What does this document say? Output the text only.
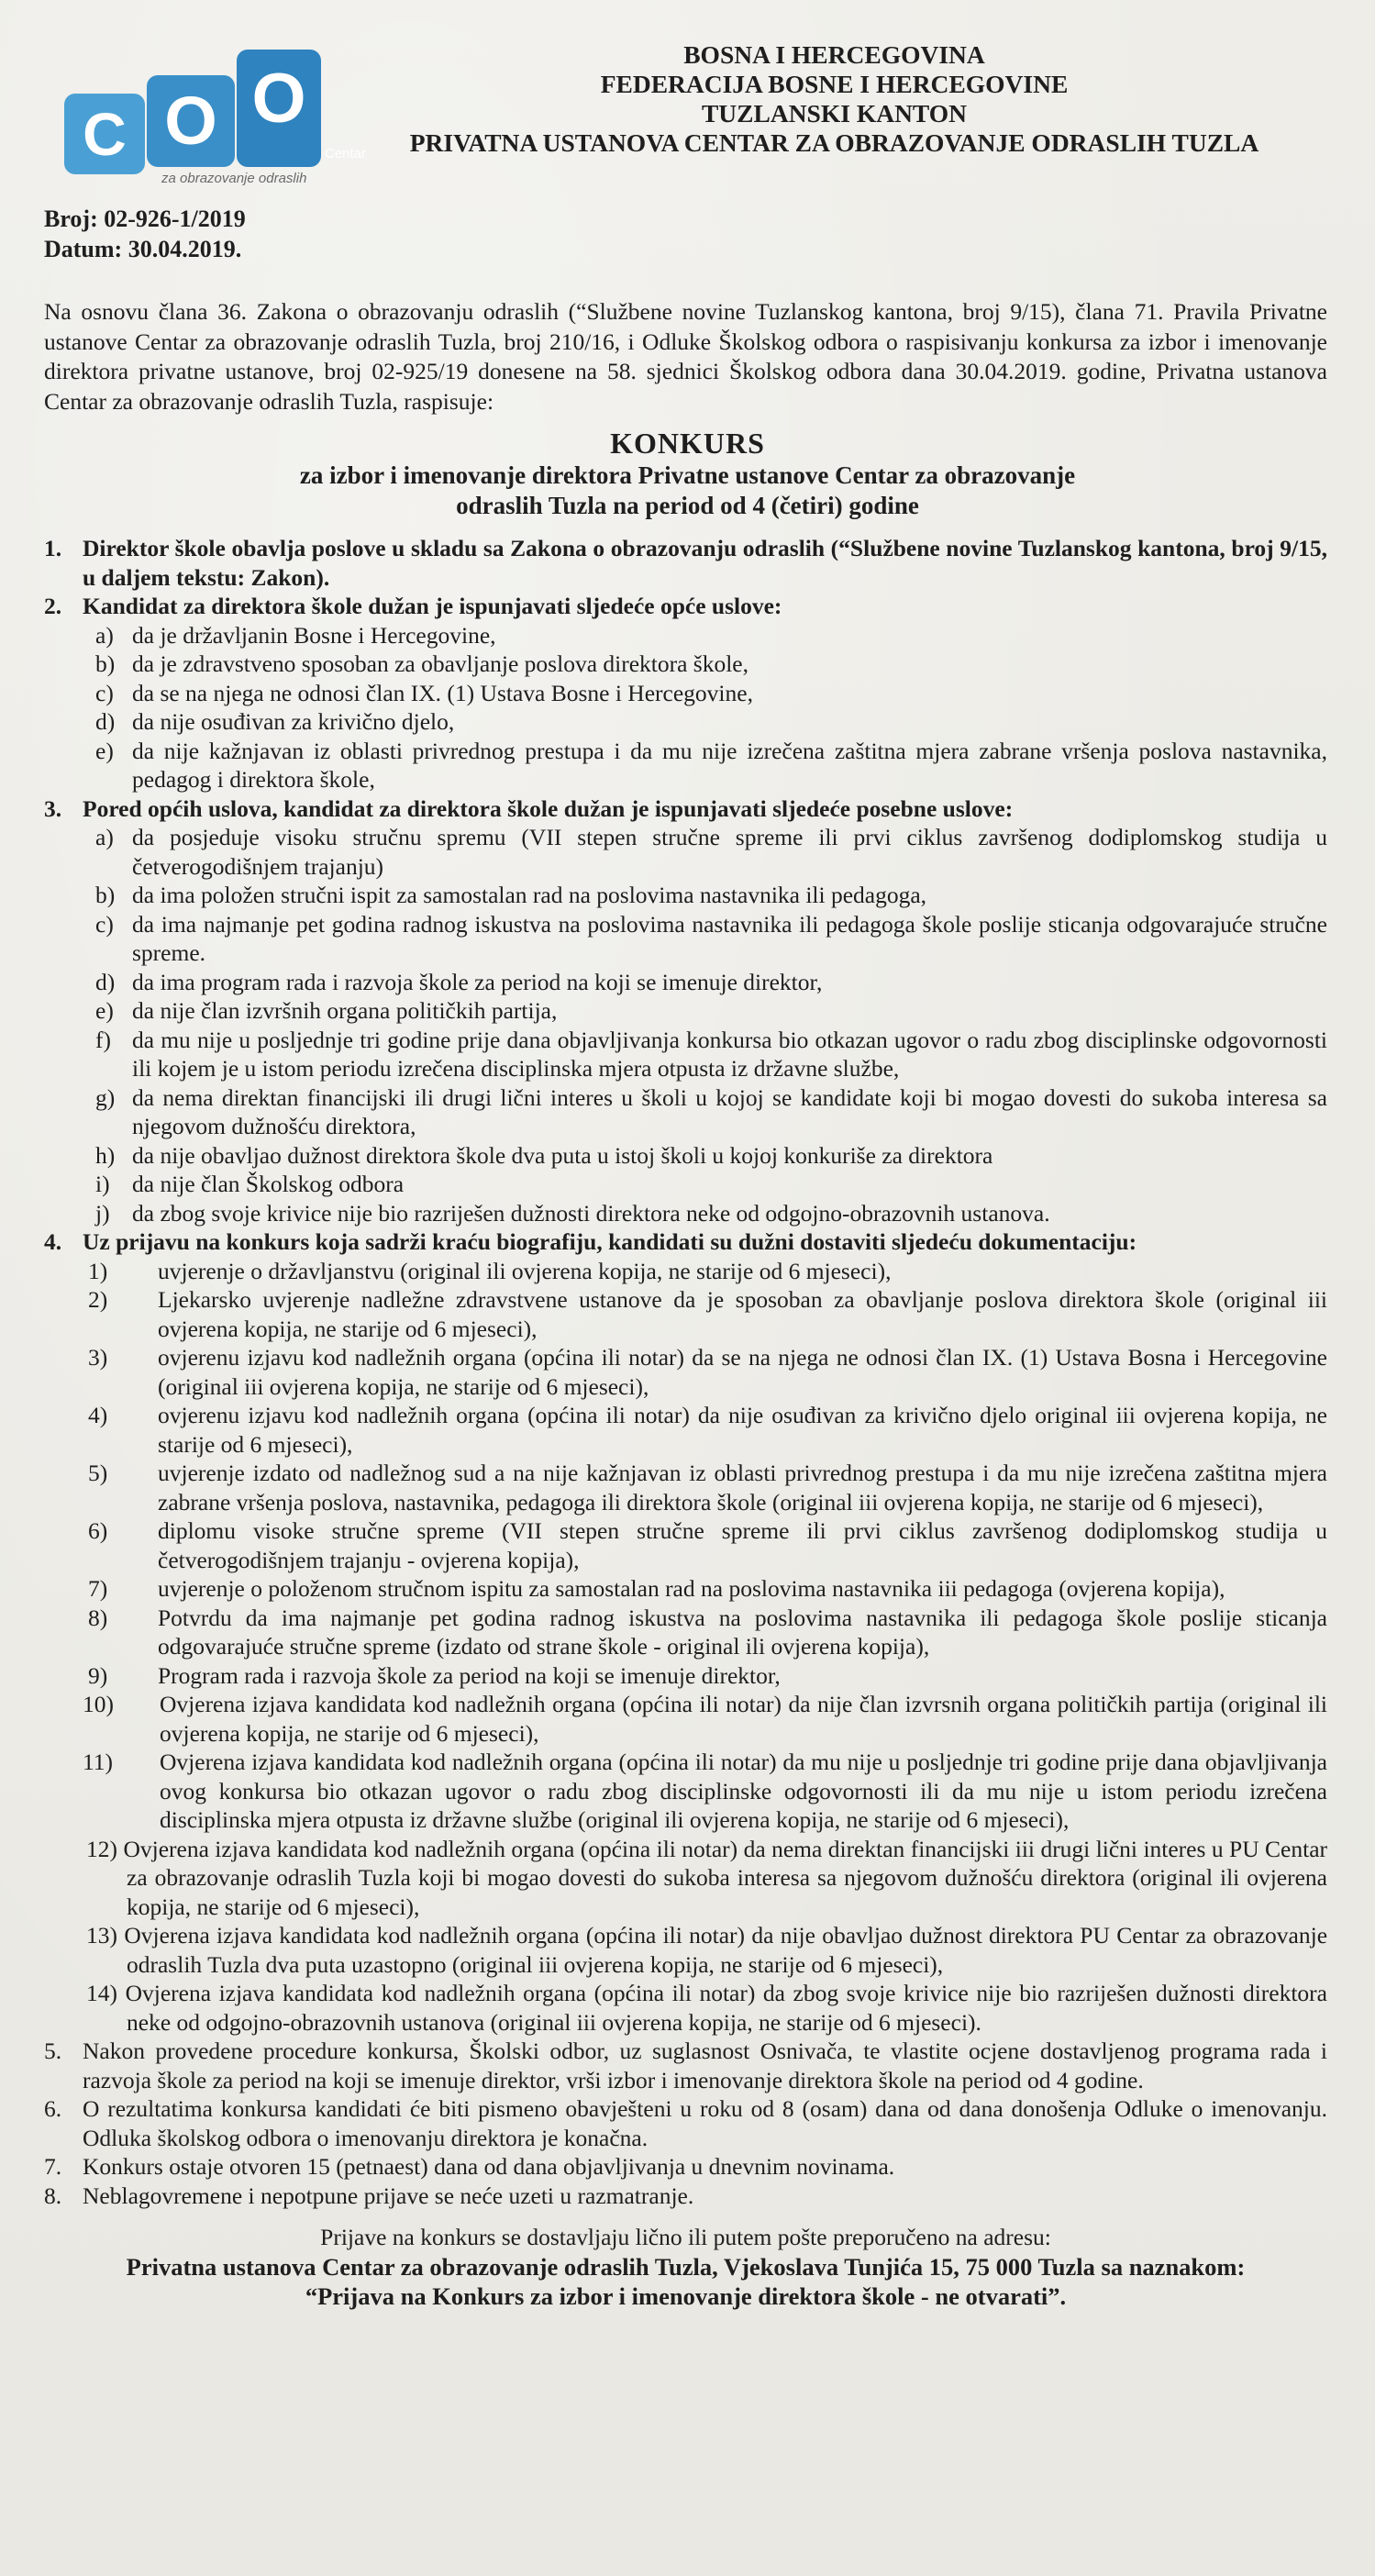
C O O
Centar
za obrazovanje odraslih
BOSNA I HERCEGOVINA
FEDERACIJA BOSNE I HERCEGOVINE
TUZLANSKI KANTON
PRIVATNA USTANOVA CENTAR ZA OBRAZOVANJE ODRASLIH TUZLA
Broj: 02-926-1/2019
Datum: 30.04.2019.

Na osnovu člana 36. Zakona o obrazovanju odraslih (“Službene novine Tuzlanskog kantona, broj 9/15), člana 71. Pravila Privatne ustanove Centar za obrazovanje odraslih Tuzla, broj 210/16, i Odluke Školskog odbora o raspisivanju konkursa za izbor i imenovanje direktora privatne ustanove, broj 02-925/19 donesene na 58. sjednici Školskog odbora dana 30.04.2019. godine, Privatna ustanova Centar za obrazovanje odraslih Tuzla, raspisuje:

KONKURS
za izbor i imenovanje direktora Privatne ustanove Centar za obrazovanje
odraslih Tuzla na period od 4 (četiri) godine
1. Direktor škole obavlja poslove u skladu sa Zakona o obrazovanju odraslih (“Službene novine Tuzlanskog kantona, broj 9/15, u daljem tekstu: Zakon).
2. Kandidat za direktora škole dužan je ispunjavati sljedeće opće uslove:
a) da je državljanin Bosne i Hercegovine,
b) da je zdravstveno sposoban za obavljanje poslova direktora škole,
c) da se na njega ne odnosi član IX. (1) Ustava Bosne i Hercegovine,
d) da nije osuđivan za krivično djelo,
e) da nije kažnjavan iz oblasti privrednog prestupa i da mu nije izrečena zaštitna mjera zabrane vršenja poslova nastavnika, pedagog i direktora škole,
3. Pored općih uslova, kandidat za direktora škole dužan je ispunjavati sljedeće posebne uslove:
a) da posjeduje visoku stručnu spremu (VII stepen stručne spreme ili prvi ciklus završenog dodiplomskog studija u četverogodišnjem trajanju)
b) da ima položen stručni ispit za samostalan rad na poslovima nastavnika ili pedagoga,
c) da ima najmanje pet godina radnog iskustva na poslovima nastavnika ili pedagoga škole poslije sticanja odgovarajuće stručne spreme.
d) da ima program rada i razvoja škole za period na koji se imenuje direktor,
e) da nije član izvršnih organa političkih partija,
f) da mu nije u posljednje tri godine prije dana objavljivanja konkursa bio otkazan ugovor o radu zbog disciplinske odgovornosti ili kojem je u istom periodu izrečena disciplinska mjera otpusta iz državne službe,
g) da nema direktan financijski ili drugi lični interes u školi u kojoj se kandidate koji bi mogao dovesti do sukoba interesa sa njegovom dužnošću direktora,
h) da nije obavljao dužnost direktora škole dva puta u istoj školi u kojoj konkuriše za direktora
i) da nije član Školskog odbora
j) da zbog svoje krivice nije bio razriješen dužnosti direktora neke od odgojno-obrazovnih ustanova.
4. Uz prijavu na konkurs koja sadrži kraću biografiju, kandidati su dužni dostaviti sljedeću dokumentaciju:
1) uvjerenje o državljanstvu (original ili ovjerena kopija, ne starije od 6 mjeseci),
2) Ljekarsko uvjerenje nadležne zdravstvene ustanove da je sposoban za obavljanje poslova direktora škole (original iii ovjerena kopija, ne starije od 6 mjeseci),
3) ovjerenu izjavu kod nadležnih organa (općina ili notar) da se na njega ne odnosi član IX. (1) Ustava Bosna i Hercegovine (original iii ovjerena kopija, ne starije od 6 mjeseci),
4) ovjerenu izjavu kod nadležnih organa (općina ili notar) da nije osuđivan za krivično djelo original iii ovjerena kopija, ne starije od 6 mjeseci),
5) uvjerenje izdato od nadležnog sud a na nije kažnjavan iz oblasti privrednog prestupa i da mu nije izrečena zaštitna mjera zabrane vršenja poslova, nastavnika, pedagoga ili direktora škole (original iii ovjerena kopija, ne starije od 6 mjeseci),
6) diplomu visoke stručne spreme (VII stepen stručne spreme ili prvi ciklus završenog dodiplomskog studija u četverogodišnjem trajanju - ovjerena kopija),
7) uvjerenje o položenom stručnom ispitu za samostalan rad na poslovima nastavnika iii pedagoga (ovjerena kopija),
8) Potvrdu da ima najmanje pet godina radnog iskustva na poslovima nastavnika ili pedagoga škole poslije sticanja odgovarajuće stručne spreme (izdato od strane škole - original ili ovjerena kopija),
9) Program rada i razvoja škole za period na koji se imenuje direktor,
10) Ovjerena izjava kandidata kod nadležnih organa (općina ili notar) da nije član izvrsnih organa političkih partija (original ili ovjerena kopija, ne starije od 6 mjeseci),
11) Ovjerena izjava kandidata kod nadležnih organa (općina ili notar) da mu nije u posljednje tri godine prije dana objavljivanja ovog konkursa bio otkazan ugovor o radu zbog disciplinske odgovornosti ili da mu nije u istom periodu izrečena disciplinska mjera otpusta iz državne službe (original ili ovjerena kopija, ne starije od 6 mjeseci),
12) Ovjerena izjava kandidata kod nadležnih organa (općina ili notar) da nema direktan financijski iii drugi lični interes u PU Centar za obrazovanje odraslih Tuzla koji bi mogao dovesti do sukoba interesa sa njegovom dužnošću direktora (original ili ovjerena kopija, ne starije od 6 mjeseci),
13) Ovjerena izjava kandidata kod nadležnih organa (općina ili notar) da nije obavljao dužnost direktora PU Centar za obrazovanje odraslih Tuzla dva puta uzastopno (original iii ovjerena kopija, ne starije od 6 mjeseci),
14) Ovjerena izjava kandidata kod nadležnih organa (općina ili notar) da zbog svoje krivice nije bio razriješen dužnosti direktora neke od odgojno-obrazovnih ustanova (original iii ovjerena kopija, ne starije od 6 mjeseci).
5. Nakon provedene procedure konkursa, Školski odbor, uz suglasnost Osnivača, te vlastite ocjene dostavljenog programa rada i razvoja škole za period na koji se imenuje direktor, vrši izbor i imenovanje direktora škole na period od 4 godine.
6. O rezultatima konkursa kandidati će biti pismeno obavješteni u roku od 8 (osam) dana od dana donošenja Odluke o imenovanju. Odluka školskog odbora o imenovanju direktora je konačna.
7. Konkurs ostaje otvoren 15 (petnaest) dana od dana objavljivanja u dnevnim novinama.
8. Neblagovremene i nepotpune prijave se neće uzeti u razmatranje.
Prijave na konkurs se dostavljaju lično ili putem pošte preporučeno na adresu:
Privatna ustanova Centar za obrazovanje odraslih Tuzla, Vjekoslava Tunjića 15, 75 000 Tuzla sa naznakom:
“Prijava na Konkurs za izbor i imenovanje direktora škole - ne otvarati”.
